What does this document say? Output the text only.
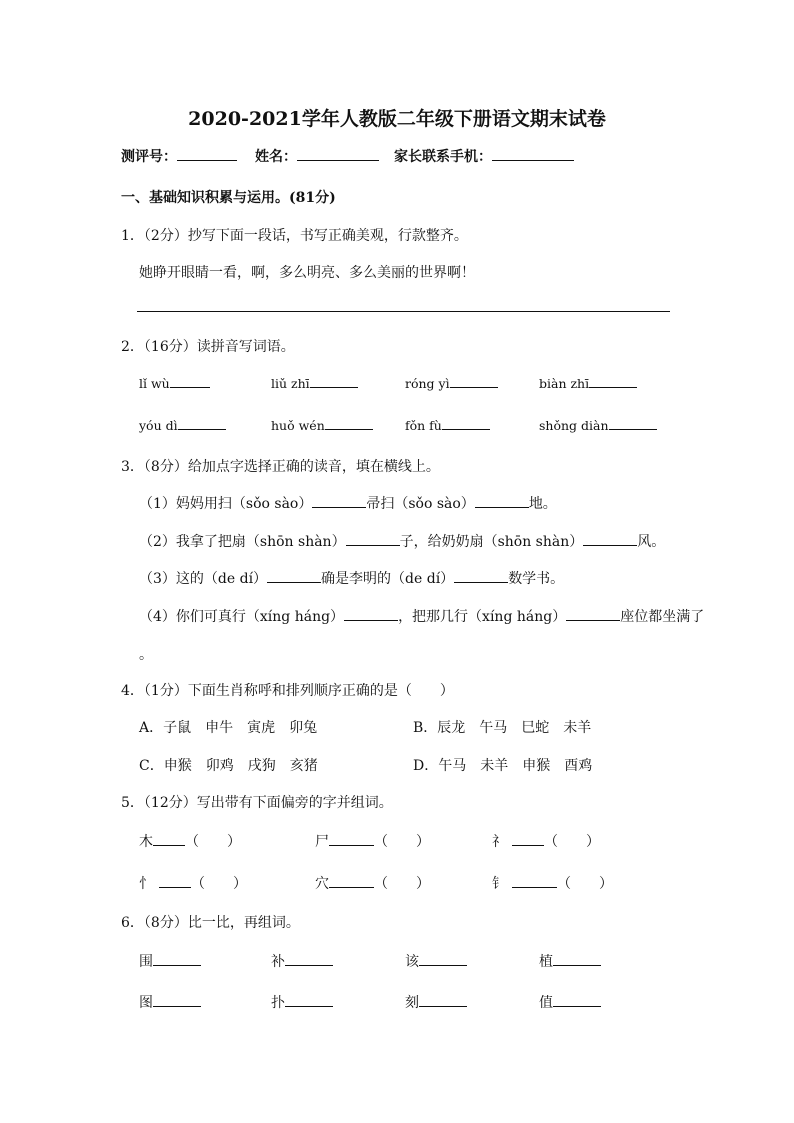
2020-2021学年人教版二年级下册语文期末试卷
测评号：	姓名：	家长联系手机：
一、基础知识积累与运用。(81分)
1．（2分）抄写下面一段话，书写正确美观，行款整齐。
她睁开眼睛一看，啊，多么明亮、多么美丽的世界啊！
2．（16分）读拼音写词语。
lǐ wù	liǔ zhī	róng yì	biàn zhī
yóu dì	huǒ wén	fǒn fù	shǒng diàn
3．（8分）给加点字选择正确的读音，填在横线上。
（1）妈妈用扫（sǒo sào）	帚扫（sǒo sào）	地。
（2）我拿了把扇（shōn shàn）	子，给奶奶扇（shōn shàn）	风。
（3）这的（de dí）	确是李明的（de dí）	数学书。
（4）你们可真行（xíng háng）	，把那几行（xíng háng）	座位都坐满了
。
4．（1分）下面生肖称呼和排列顺序正确的是（　　）
A．子鼠　申牛　寅虎　卯兔	B．辰龙　午马　巳蛇　未羊
C．申猴　卯鸡　戌狗　亥猪	D．午马　未羊　申猴　酉鸡
5．（12分）写出带有下面偏旁的字并组词。
木 （　　）	尸	（　　）	礻	（　　）
忄	（　　）	穴	（　　）	钅	（　　）
6．（8分）比一比，再组词。
围	补	该	植
图	扑	刻	值
